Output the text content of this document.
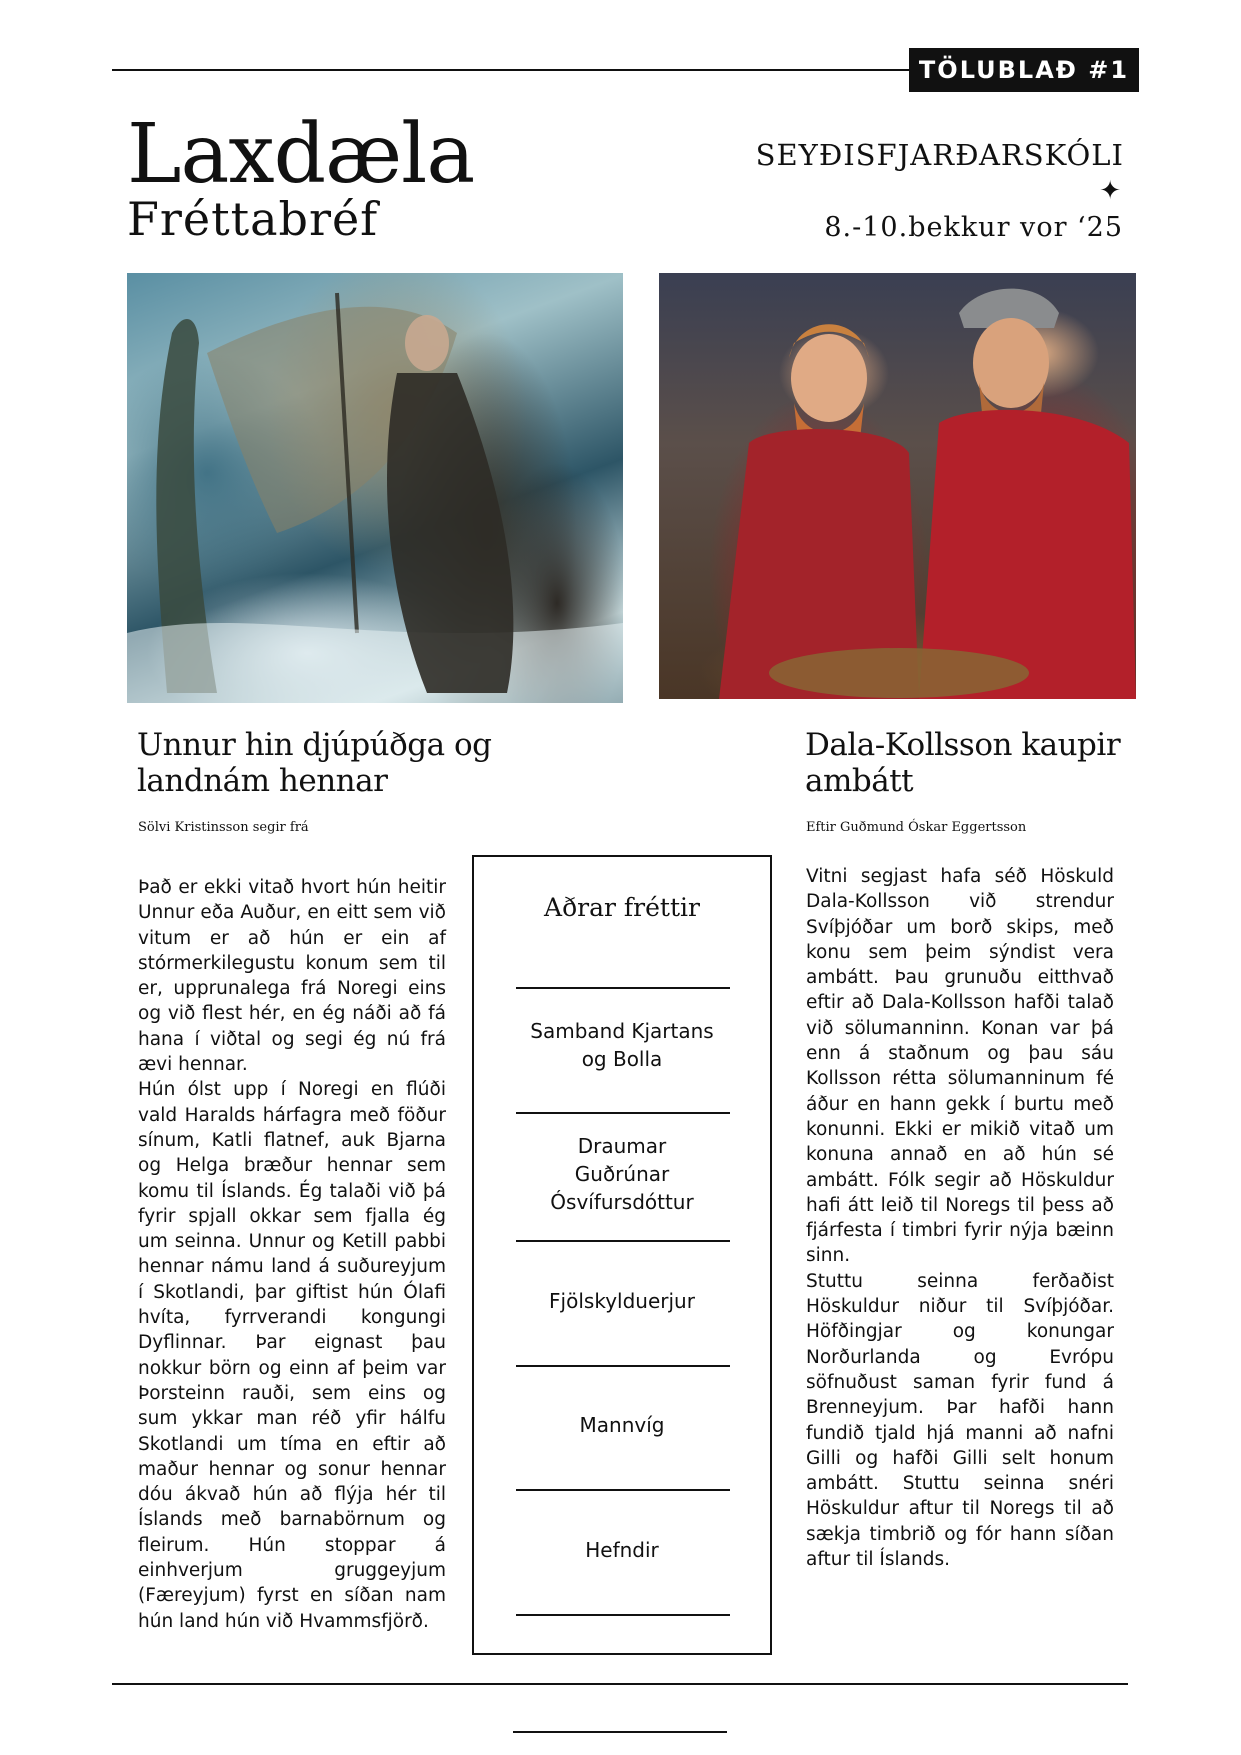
TÖLUBLAÐ #1
Laxdæla
Fréttabréf
SEYÐISFJARÐARSKÓLI
✦
8.-10.bekkur vor ‘25
Unnur hin djúpúðga og landnám hennar
Sölvi Kristinsson segir frá

Það er ekki vitað hvort hún heitir Unnur eða Auður, en eitt sem við vitum er að hún er ein af stórmerkilegustu konum sem til er, upprunalega frá Noregi eins og við flest hér, en ég náði að fá hana í viðtal og segi ég nú frá ævi hennar.

Hún ólst upp í Noregi en flúði vald Haralds hárfagra með föður sínum, Katli flatnef, auk Bjarna og Helga bræður hennar sem komu til Íslands. Ég talaði við þá fyrir spjall okkar sem fjalla ég um seinna. Unnur og Ketill pabbi hennar námu land á suðureyjum í Skotlandi, þar giftist hún Ólafi hvíta, fyrrverandi kongungi Dyflinnar. Þar eignast þau nokkur börn og einn af þeim var Þorsteinn rauði, sem eins og sum ykkar man réð yfir hálfu Skotlandi um tíma en eftir að maður hennar og sonur hennar dóu ákvað hún að flýja hér til Íslands með barnabörnum og fleirum. Hún stoppar á einhverjum gruggeyjum (Færeyjum) fyrst en síðan nam hún land hún við Hvammsfjörð.

Aðrar fréttir
Samband Kjartans og Bolla
Draumar Guðrúnar Ósvífursdóttur
Fjölskylduerjur
Mannvíg
Hefndir
Dala-Kollsson kaupir ambátt
Eftir Guðmund Óskar Eggertsson

Vitni segjast hafa séð Höskuld Dala-Kollsson við strendur Svíþjóðar um borð skips, með konu sem þeim sýndist vera ambátt. Þau grunuðu eitthvað eftir að Dala-Kollsson hafði talað við sölumanninn. Konan var þá enn á staðnum og þau sáu Kollsson rétta sölumanninum fé áður en hann gekk í burtu með konunni. Ekki er mikið vitað um konuna annað en að hún sé ambátt. Fólk segir að Höskuldur hafi átt leið til Noregs til þess að fjárfesta í timbri fyrir nýja bæinn sinn.

Stuttu seinna ferðaðist Höskuldur niður til Svíþjóðar. Höfðingjar og konungar Norðurlanda og Evrópu söfnuðust saman fyrir fund á Brenneyjum. Þar hafði hann fundið tjald hjá manni að nafni Gilli og hafði Gilli selt honum ambátt. Stuttu seinna snéri Höskuldur aftur til Noregs til að sækja timbrið og fór hann síðan aftur til Íslands.
